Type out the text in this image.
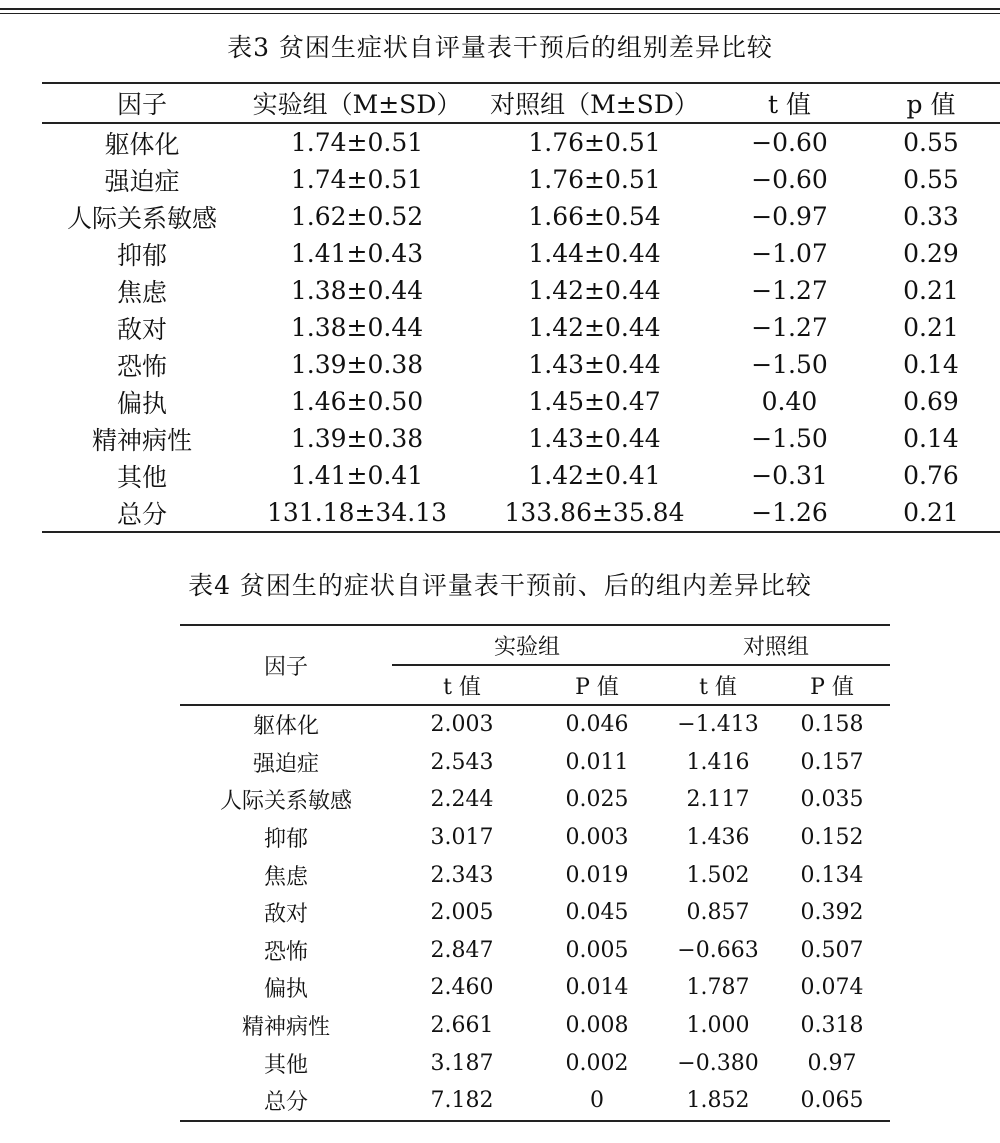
表3 贫困生症状自评量表干预后的组别差异比较
因子	实验组（M±SD）	对照组（M±SD）	t 值	p 值
躯体化	1.74±0.51	1.76±0.51	−0.60	0.55
强迫症	1.74±0.51	1.76±0.51	−0.60	0.55
人际关系敏感	1.62±0.52	1.66±0.54	−0.97	0.33
抑郁	1.41±0.43	1.44±0.44	−1.07	0.29
焦虑	1.38±0.44	1.42±0.44	−1.27	0.21
敌对	1.38±0.44	1.42±0.44	−1.27	0.21
恐怖	1.39±0.38	1.43±0.44	−1.50	0.14
偏执	1.46±0.50	1.45±0.47	0.40	0.69
精神病性	1.39±0.38	1.43±0.44	−1.50	0.14
其他	1.41±0.41	1.42±0.41	−0.31	0.76
总分	131.18±34.13	133.86±35.84	−1.26	0.21
表4 贫困生的症状自评量表干预前、后的组内差异比较
因子	实验组		对照组	
	t 值	P 值	t 值	P 值
躯体化	2.003	0.046	−1.413	0.158
强迫症	2.543	0.011	1.416	0.157
人际关系敏感	2.244	0.025	2.117	0.035
抑郁	3.017	0.003	1.436	0.152
焦虑	2.343	0.019	1.502	0.134
敌对	2.005	0.045	0.857	0.392
恐怖	2.847	0.005	−0.663	0.507
偏执	2.460	0.014	1.787	0.074
精神病性	2.661	0.008	1.000	0.318
其他	3.187	0.002	−0.380	0.97
总分	7.182	0	1.852	0.065
